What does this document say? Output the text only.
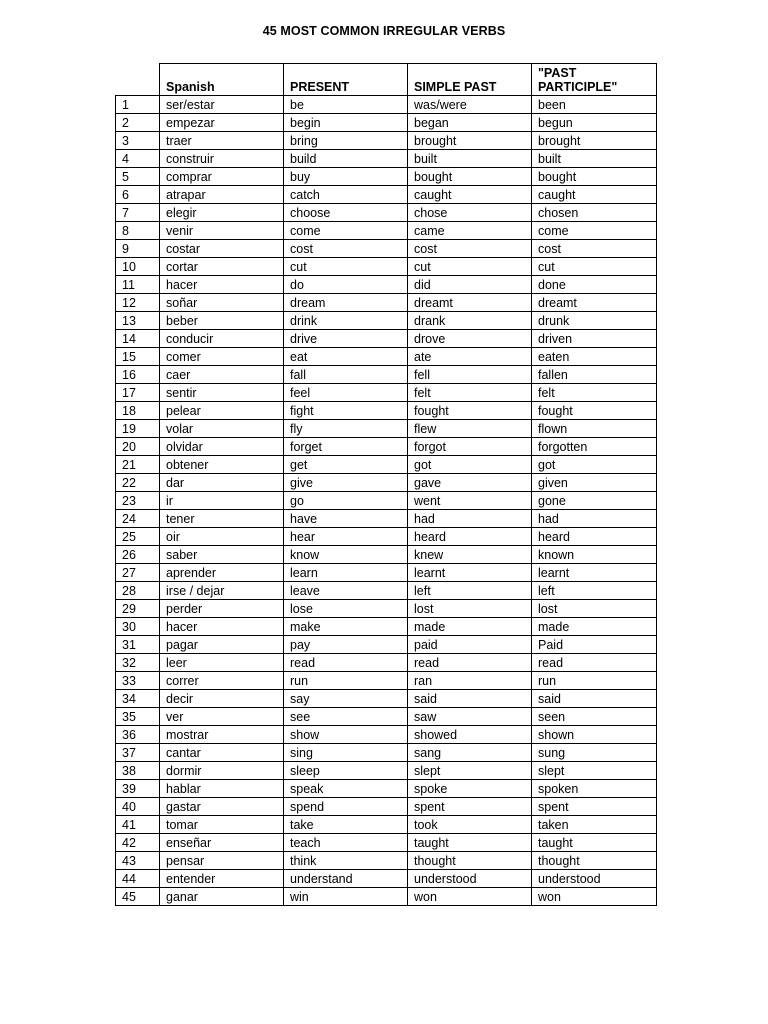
45 MOST COMMON IRREGULAR VERBS
	Spanish	PRESENT	SIMPLE PAST	"PAST PARTICIPLE"
1	ser/estar	be	was/were	been
2	empezar	begin	began	begun
3	traer	bring	brought	brought
4	construir	build	built	built
5	comprar	buy	bought	bought
6	atrapar	catch	caught	caught
7	elegir	choose	chose	chosen
8	venir	come	came	come
9	costar	cost	cost	cost
10	cortar	cut	cut	cut
11	hacer	do	did	done
12	soñar	dream	dreamt	dreamt
13	beber	drink	drank	drunk
14	conducir	drive	drove	driven
15	comer	eat	ate	eaten
16	caer	fall	fell	fallen
17	sentir	feel	felt	felt
18	pelear	fight	fought	fought
19	volar	fly	flew	flown
20	olvidar	forget	forgot	forgotten
21	obtener	get	got	got
22	dar	give	gave	given
23	ir	go	went	gone
24	tener	have	had	had
25	oir	hear	heard	heard
26	saber	know	knew	known
27	aprender	learn	learnt	learnt
28	irse / dejar	leave	left	left
29	perder	lose	lost	lost
30	hacer	make	made	made
31	pagar	pay	paid	Paid
32	leer	read	read	read
33	correr	run	ran	run
34	decir	say	said	said
35	ver	see	saw	seen
36	mostrar	show	showed	shown
37	cantar	sing	sang	sung
38	dormir	sleep	slept	slept
39	hablar	speak	spoke	spoken
40	gastar	spend	spent	spent
41	tomar	take	took	taken
42	enseñar	teach	taught	taught
43	pensar	think	thought	thought
44	entender	understand	understood	understood
45	ganar	win	won	won
